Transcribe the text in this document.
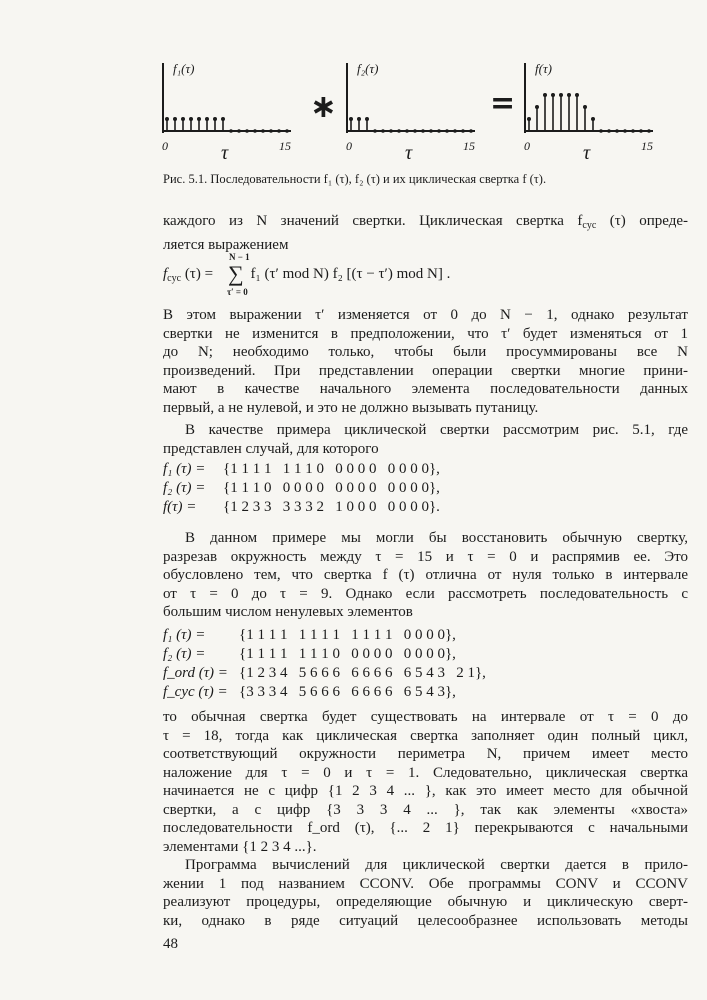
f₁(τ)
0	15
τ
f₂(τ)
0	15
τ
f(τ)
0	15
τ
∗	=
Рис. 5.1. Последовательности f₁ (τ), f₂ (τ) и их циклическая свертка f (τ).
каждого из N значений свертки. Циклическая свертка $f_{cyc}$ (τ) опреде-
ляется выражением
$f_{cyc}$ (τ) =  f₁ (τ′ mod N) f₂ [(τ − τ′) mod N] .
N − 1
∑
τ′ = 0
В этом выражении τ′ изменяется от 0 до N − 1, однако результат
свертки не изменится в предположении, что τ′ будет изменяться от 1
до N; необходимо только, чтобы были просуммированы все N
произведений. При представлении операции свертки многие прини-
мают в качестве начального элемента последовательности данных
первый, а не нулевой, и это не должно вызывать путаницу.
В качестве примера циклической свертки рассмотрим рис. 5.1, где
представлен случай, для которого
f₁ (τ) =	{1 1 1 1   1 1 1 0   0 0 0 0   0 0 0 0},
f₂ (τ) =	{1 1 1 0   0 0 0 0   0 0 0 0   0 0 0 0},
f(τ) =	{1 2 3 3   3 3 3 2   1 0 0 0   0 0 0 0}.
В данном примере мы могли бы восстановить обычную свертку,
разрезав окружность между τ = 15 и τ = 0 и распрямив ее. Это
обусловлено тем, что свертка f (τ) отлична от нуля только в интервале
от τ = 0 до τ = 9. Однако если рассмотреть последовательность с
большим числом ненулевых элементов
f₁ (τ) =	{1 1 1 1   1 1 1 1   1 1 1 1   0 0 0 0},
f₂ (τ) =	{1 1 1 1   1 1 1 0   0 0 0 0   0 0 0 0},
f_ord (τ) = {1 2 3 4   5 6 6 6   6 6 6 6   6 5 4 3   2 1},
f_cyc (τ) = {3 3 3 4   5 6 6 6   6 6 6 6   6 5 4 3},
то обычная свертка будет существовать на интервале от τ = 0 до
τ = 18, тогда как циклическая свертка заполняет один полный цикл,
соответствующий окружности периметра N, причем имеет место
наложение для τ = 0 и τ = 1. Следовательно, циклическая свертка
начинается не с цифр {1 2 3 4 ... }, как это имеет место для обычной
свертки, а с цифр {3 3 3 4 ... }, так как элементы «хвоста»
последовательности f_ord (τ), {... 2 1} перекрываются с начальными
элементами {1 2 3 4 ...}.
Программа вычислений для циклической свертки дается в прило-
жении 1 под названием CCONV. Обе программы CONV и CCONV
реализуют процедуры, определяющие обычную и циклическую сверт-
ки, однако в ряде ситуаций целесообразнее использовать методы
48
